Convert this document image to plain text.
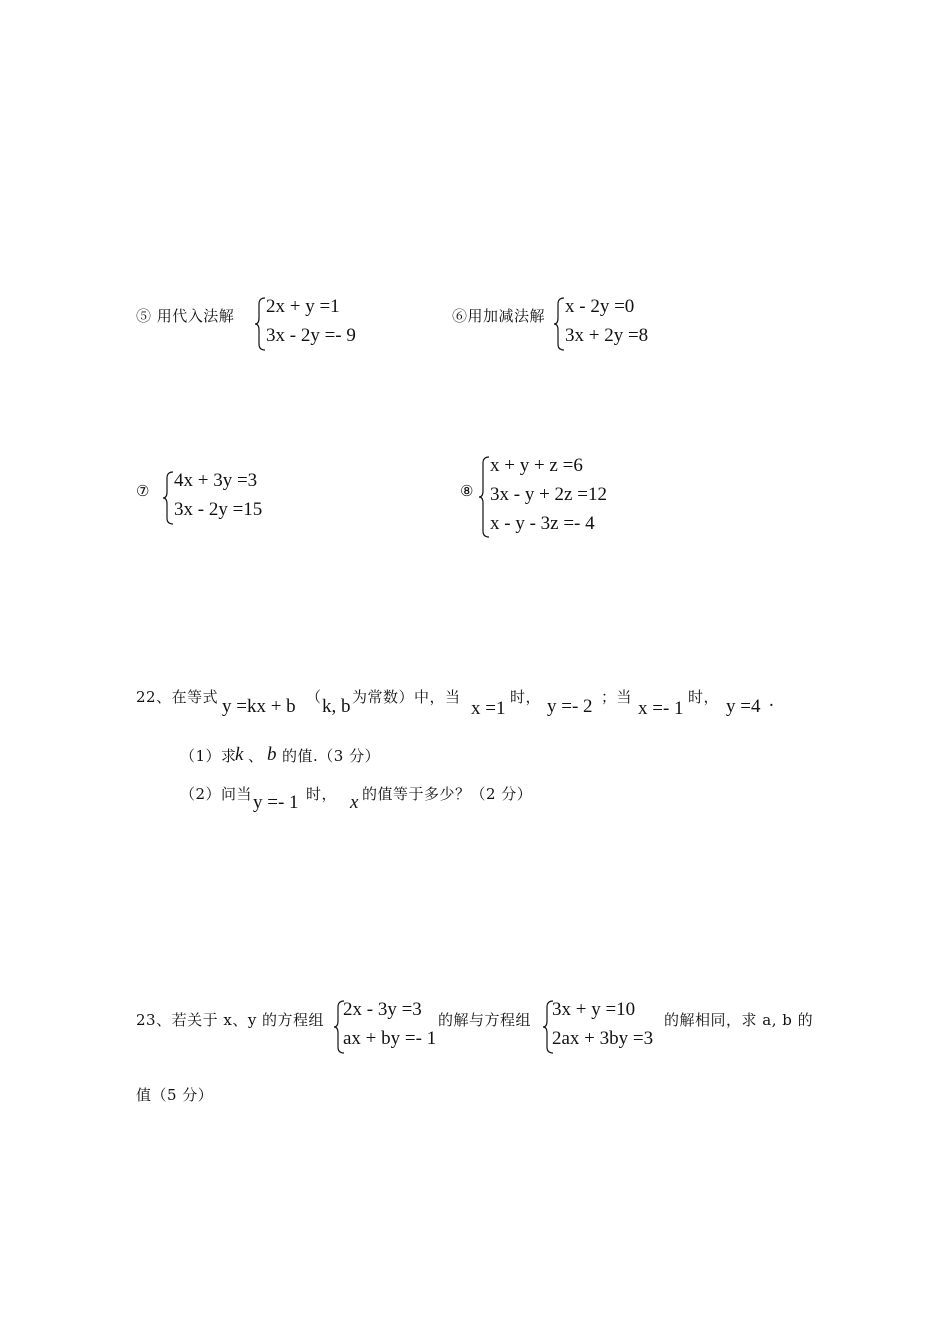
⑤ 用代入法解 2x + y =1
3x - 2y =- 9
⑥用加减法解 x - 2y =0
3x + 2y =8
⑦ 4x + 3y =3
3x - 2y =15
⑧
x + y + z =6
3x - y + 2z =12
x - y - 3z =- 4
22、在等式 y =kx + b （ k, b 为常数）中，当
x =1
时， y =- 2 ；当
x =- 1
时， y =4 .
（1）求
k 、 b 的值.（3 分）
（2）问当 y =- 1 时， x 的值等于多少？（2 分）
23、若关于 x、y 的方程组 2x - 3y =3
ax + by =- 1
的解与方程组 3x + y =10
2ax + 3by =3
的解相同，求 a, b 的
值（5 分）
